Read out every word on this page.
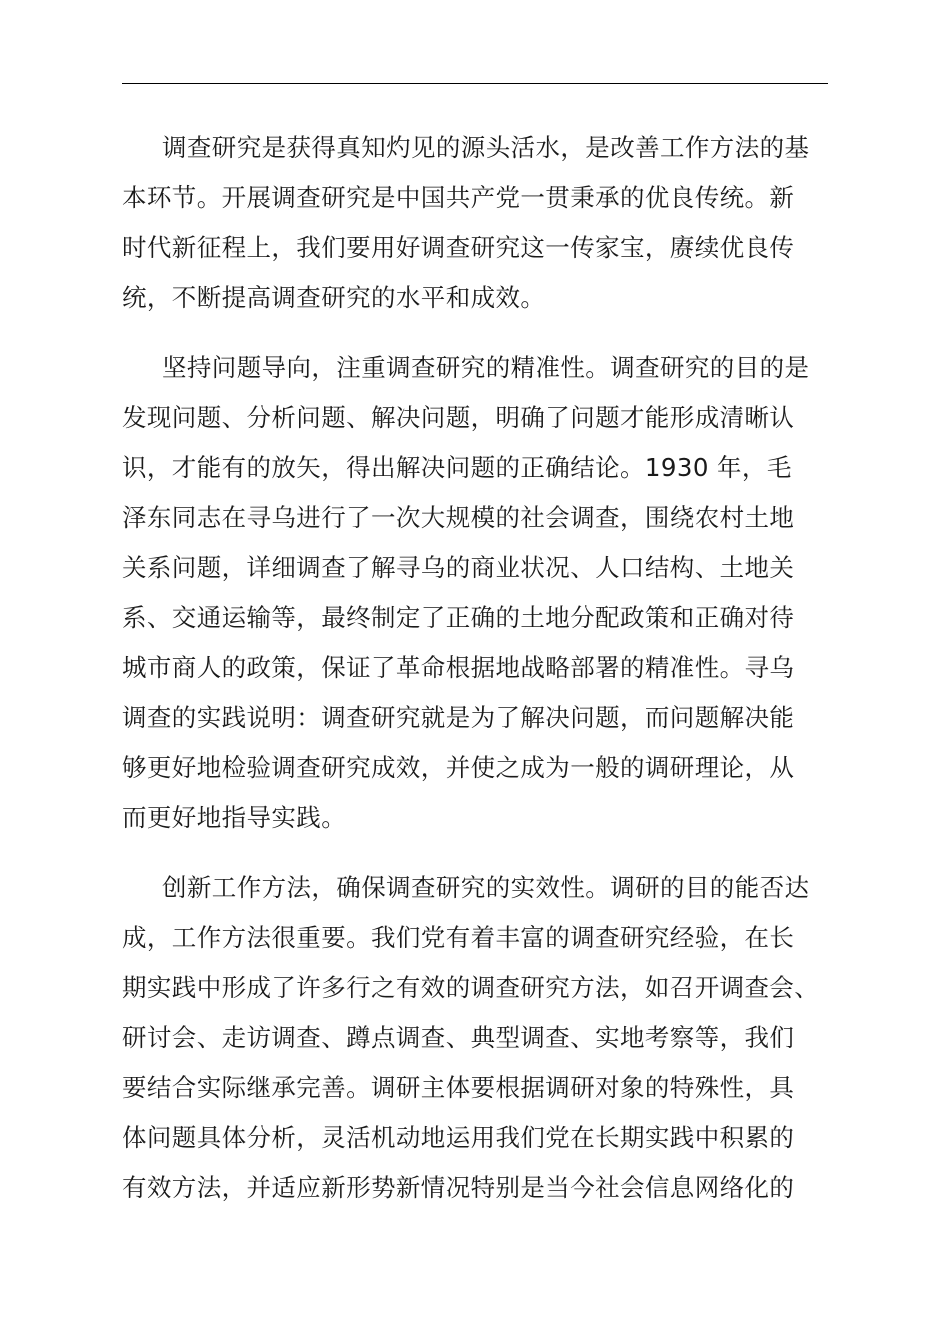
调查研究是获得真知灼见的源头活水，是改善工作方法的基
本环节。开展调查研究是中国共产党一贯秉承的优良传统。新
时代新征程上，我们要用好调查研究这一传家宝，赓续优良传
统，不断提高调查研究的水平和成效。

坚持问题导向，注重调查研究的精准性。调查研究的目的是
发现问题、分析问题、解决问题，明确了问题才能形成清晰认
识，才能有的放矢，得出解决问题的正确结论。1930 年，毛
泽东同志在寻乌进行了一次大规模的社会调查，围绕农村土地
关系问题，详细调查了解寻乌的商业状况、人口结构、土地关
系、交通运输等，最终制定了正确的土地分配政策和正确对待
城市商人的政策，保证了革命根据地战略部署的精准性。寻乌
调查的实践说明：调查研究就是为了解决问题，而问题解决能
够更好地检验调查研究成效，并使之成为一般的调研理论，从
而更好地指导实践。

创新工作方法，确保调查研究的实效性。调研的目的能否达
成，工作方法很重要。我们党有着丰富的调查研究经验，在长
期实践中形成了许多行之有效的调查研究方法，如召开调查会、
研讨会、走访调查、蹲点调查、典型调查、实地考察等，我们
要结合实际继承完善。调研主体要根据调研对象的特殊性，具
体问题具体分析，灵活机动地运用我们党在长期实践中积累的
有效方法，并适应新形势新情况特别是当今社会信息网络化的
